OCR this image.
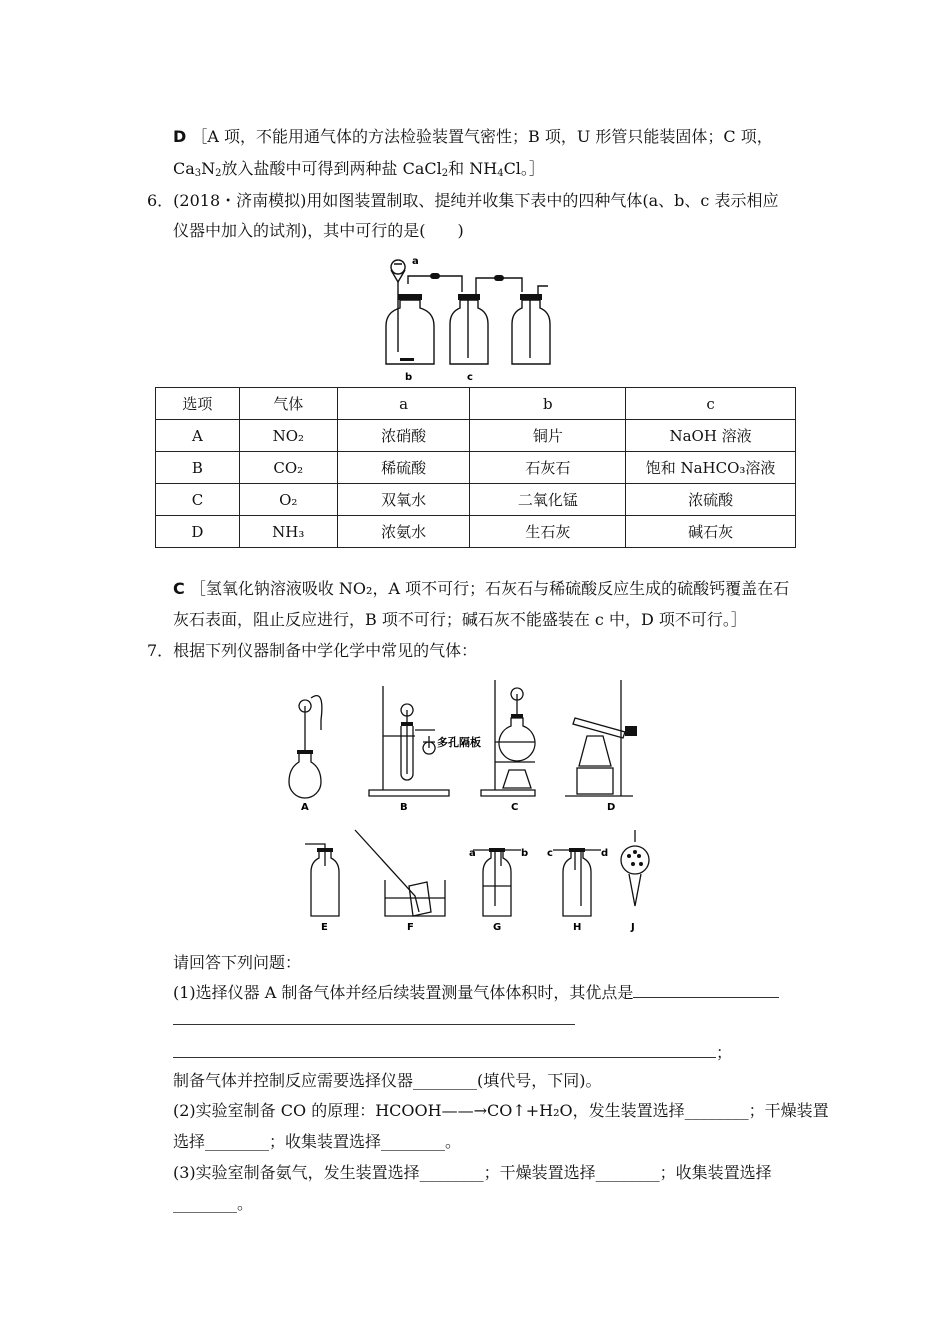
D ［A 项，不能用通气体的方法检验装置气密性；B 项，U 形管只能装固体；C 项，
$Ca_3N_2$放入盐酸中可得到两种盐 CaCl$_2$和 $NH_4Cl$。］
6．(2018・济南模拟)用如图装置制取、提纯并收集下表中的四种气体(a、b、c 表示相应
仪器中加入的试剂)，其中可行的是(　　)
a
b	c
选项	气体	a	b	c
A	NO₂	浓硝酸	铜片	NaOH 溶液
B	CO₂	稀硫酸	石灰石	饱和 NaHCO₃溶液
C	O₂	双氧水	二氧化锰	浓硫酸
D	NH₃	浓氨水	生石灰	碱石灰
C ［氢氧化钠溶液吸收 NO₂，A 项不可行；石灰石与稀硫酸反应生成的硫酸钙覆盖在石
灰石表面，阻止反应进行，B 项不可行；碱石灰不能盛装在 c 中，D 项不可行。］
7．根据下列仪器制备中学化学中常见的气体：
A	B	C	D
多孔隔板
E	F	G	H	J
a	b c	d
请回答下列问题：
(1)选择仪器 A 制备气体并经后续装置测量气体体积时，其优点是
；
制备气体并控制反应需要选择仪器________(填代号，下同)。
(2)实验室制备 CO 的原理：HCOOH——→CO↑+H₂O，发生装置选择________；干燥装置
选择________；收集装置选择________。
(3)实验室制备氨气，发生装置选择________；干燥装置选择________；收集装置选择
________。
